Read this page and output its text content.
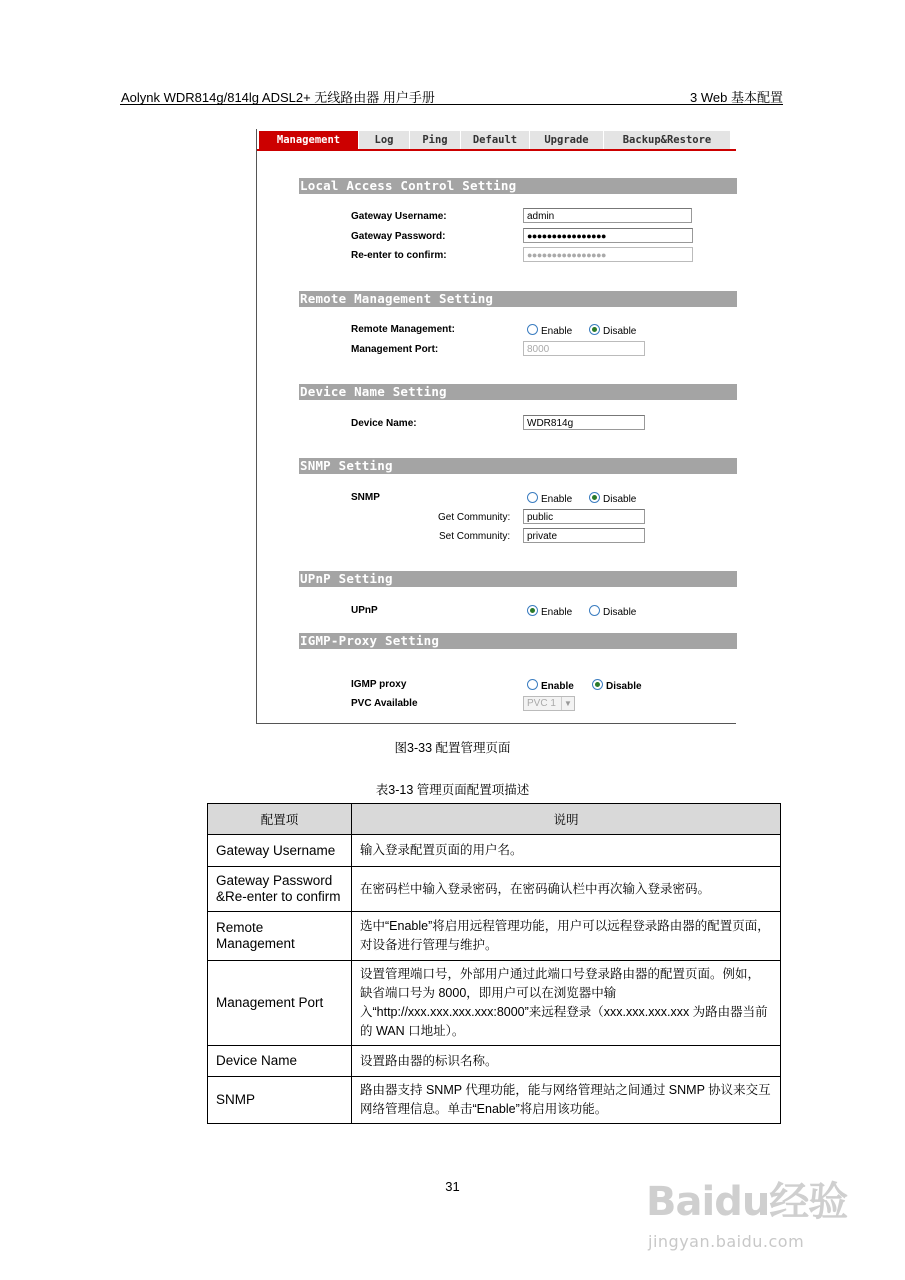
Aolynk WDR814g/814lg ADSL2+ 无线路由器 用户手册	3 Web 基本配置
Management	Log	Ping	Default	Upgrade	Backup&Restore
Local Access Control Setting
Gateway Username:	admin
Gateway Password:	●●●●●●●●●●●●●●●●
Re-enter to confirm:	●●●●●●●●●●●●●●●●
Remote Management Setting
Remote Management:	Enable	Disable
Management Port:	8000
Device Name Setting
Device Name:	WDR814g
SNMP Setting
SNMP	Enable	Disable
Get Community:	public
Set Community:	private
UPnP Setting
UPnP	Enable	Disable
IGMP-Proxy Setting
IGMP proxy	Enable	Disable
PVC Available	PVC 1	▼
图3-33 配置管理页面
表3-13 管理页面配置项描述
配置项	说明
Gateway Username	输入登录配置页面的用户名。
Gateway Password &Re-enter to confirm	在密码栏中输入登录密码，在密码确认栏中再次输入登录密码。
Remote Management	选中“Enable”将启用远程管理功能，用户可以远程登录路由器的配置页面，对设备进行管理与维护。
Management Port	设置管理端口号，外部用户通过此端口号登录路由器的配置页面。例如，缺省端口号为 8000，即用户可以在浏览器中输入“http://xxx.xxx.xxx.xxx:8000”来远程登录（xxx.xxx.xxx.xxx 为路由器当前的 WAN 口地址）。
Device Name	设置路由器的标识名称。
SNMP	路由器支持 SNMP 代理功能，能与网络管理站之间通过 SNMP 协议来交互网络管理信息。单击“Enable”将启用该功能。
31	Baidu经验
jingyan.baidu.com
